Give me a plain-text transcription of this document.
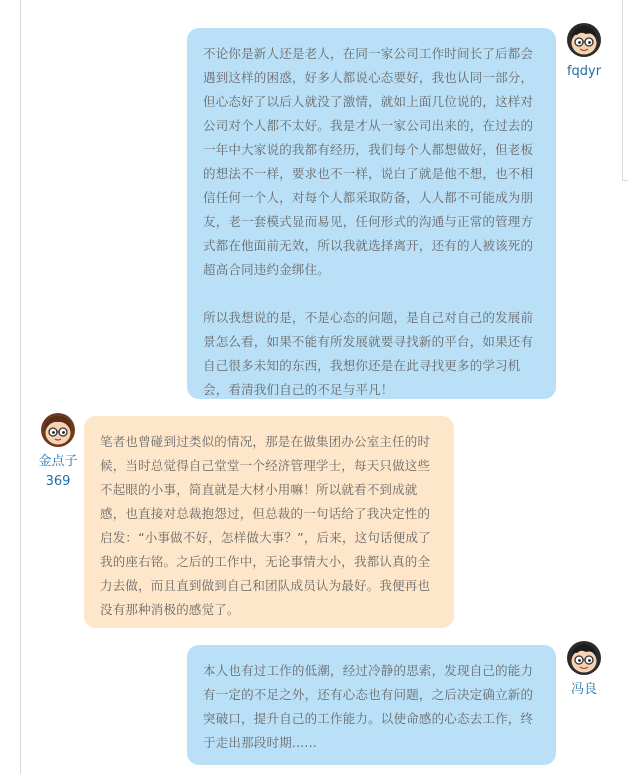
不论你是新人还是老人，在同一家公司工作时间长了后都会遇到这样的困惑，好多人都说心态要好，我也认同一部分，但心态好了以后人就没了激情，就如上面几位说的，这样对公司对个人都不太好。我是才从一家公司出来的，在过去的一年中大家说的我都有经历，我们每个人都想做好，但老板的想法不一样，要求也不一样，说白了就是他不想，也不相信任何一个人，对每个人都采取防备，人人都不可能成为朋友，老一套模式显而易见，任何形式的沟通与正常的管理方式都在他面前无效，所以我就选择离开，还有的人被该死的超高合同违约金绑住。

所以我想说的是，不是心态的问题，是自己对自己的发展前景怎么看，如果不能有所发展就要寻找新的平台，如果还有自己很多未知的东西，我想你还是在此寻找更多的学习机会，看清我们自己的不足与平凡！

fqdyr
金点子
369

笔者也曾碰到过类似的情况，那是在做集团办公室主任的时候，当时总觉得自己堂堂一个经济管理学士，每天只做这些不起眼的小事，简直就是大材小用嘛！所以就看不到成就感，也直接对总裁抱怨过，但总裁的一句话给了我决定性的启发：“小事做不好，怎样做大事？”，后来，这句话便成了我的座右铭。之后的工作中，无论事情大小，我都认真的全力去做，而且直到做到自己和团队成员认为最好。我便再也没有那种消极的感觉了。

本人也有过工作的低潮，经过冷静的思索，发现自己的能力有一定的不足之外，还有心态也有问题，之后决定确立新的突破口，提升自己的工作能力。以使命感的心态去工作，终于走出那段时期......

冯良
